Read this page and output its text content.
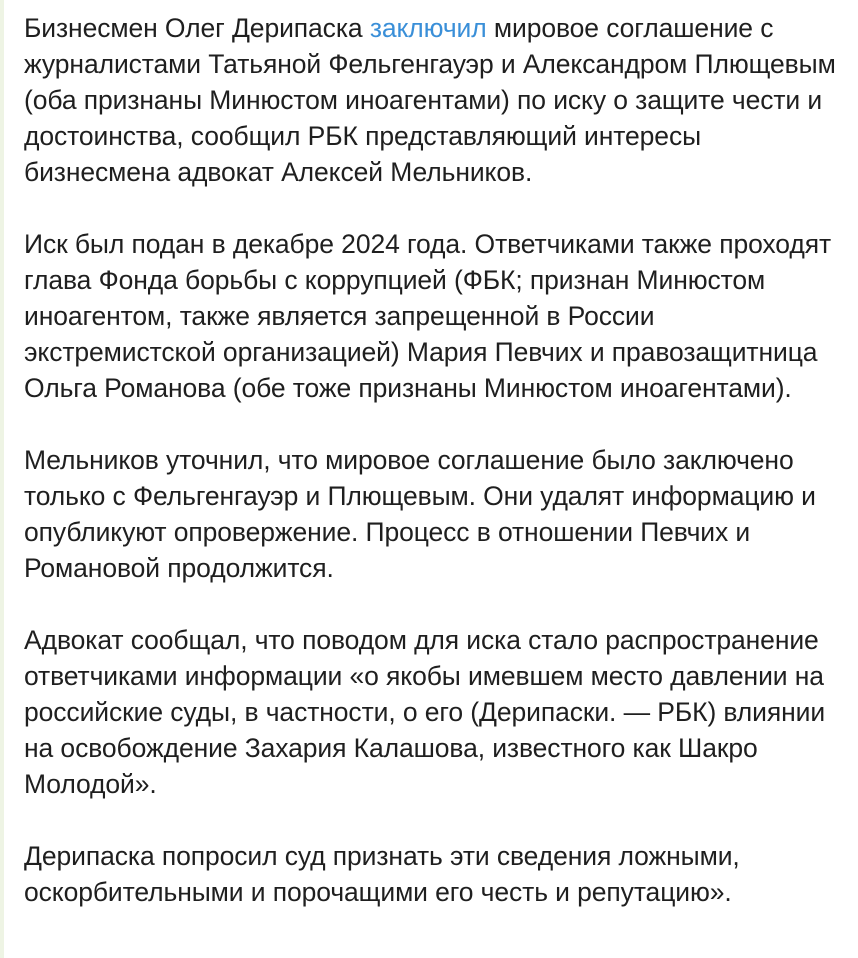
Бизнесмен Олег Дерипаска заключил мировое соглашение с журналистами Татьяной Фельгенгауэр и Александром Плющевым (оба признаны Минюстом иноагентами) по иску о защите чести и достоинства, сообщил РБК представляющий интересы бизнесмена адвокат Алексей Мельников.

Иск был подан в декабре 2024 года. Ответчиками также проходят глава Фонда борьбы с коррупцией (ФБК; признан Минюстом иноагентом, также является запрещенной в России экстремистской организацией) Мария Певчих и правозащитница Ольга Романова (обе тоже признаны Минюстом иноагентами).

Мельников уточнил, что мировое соглашение было заключено только с Фельгенгауэр и Плющевым. Они удалят информацию и опубликуют опровержение. Процесс в отношении Певчих и Романовой продолжится.

Адвокат сообщал, что поводом для иска стало распространение ответчиками информации «о якобы имевшем место давлении на российские суды, в частности, о его (Дерипаски. — РБК) влиянии на освобождение Захария Калашова, известного как Шакро Молодой».

Дерипаска попросил суд признать эти сведения ложными, оскорбительными и порочащими его честь и репутацию».
